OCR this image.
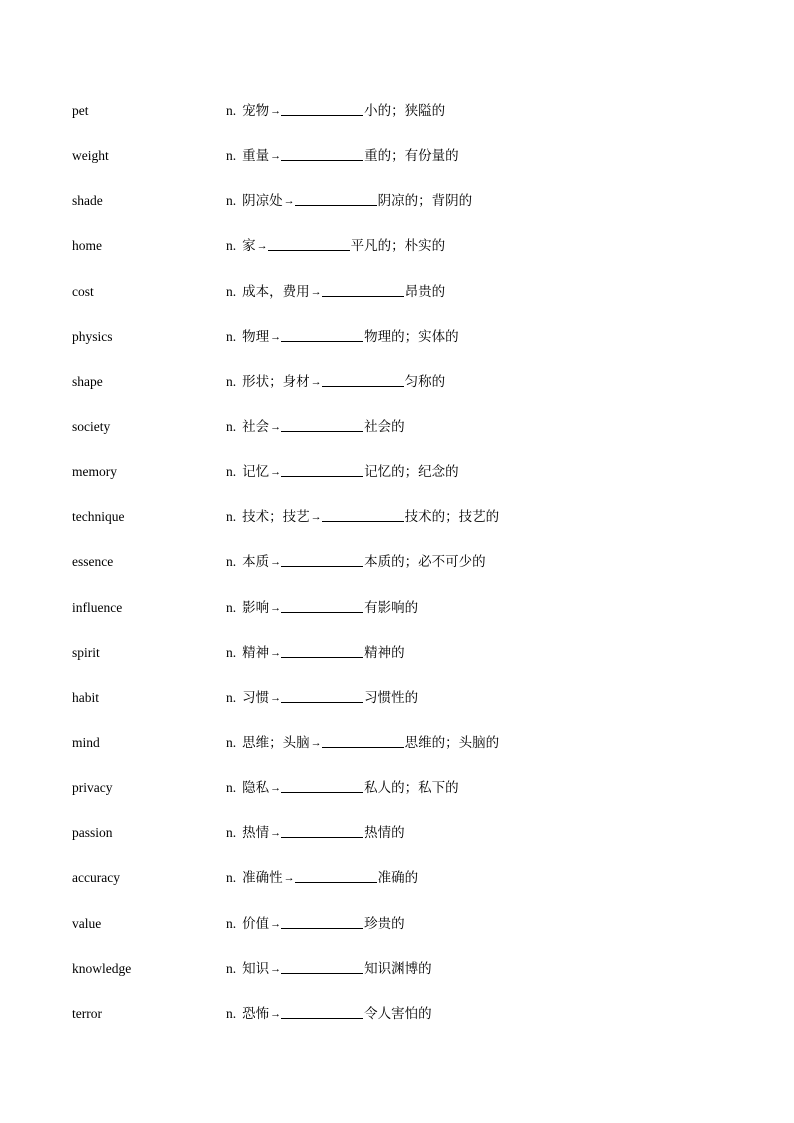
pet	n. 宠物 →	小的；狭隘的
weight	n. 重量 →	重的；有份量的
shade	n. 阴凉处 →	阴凉的；背阴的
home	n. 家 →	平凡的；朴实的
cost	n. 成本，费用 →	昂贵的
physics	n. 物理 →	物理的；实体的
shape	n. 形状；身材 →	匀称的
society	n. 社会 →	社会的
memory	n. 记忆 →	记忆的；纪念的
technique	n. 技术；技艺 →	技术的；技艺的
essence	n. 本质 →	本质的；必不可少的
influence	n. 影响 →	有影响的
spirit	n. 精神 →	精神的
habit	n. 习惯 →	习惯性的
mind	n. 思维；头脑 →	思维的；头脑的
privacy	n. 隐私 →	私人的；私下的
passion	n. 热情 →	热情的
accuracy	n. 准确性 →	准确的
value	n. 价值 →	珍贵的
knowledge	n. 知识 →	知识渊博的
terror	n. 恐怖 →	令人害怕的
